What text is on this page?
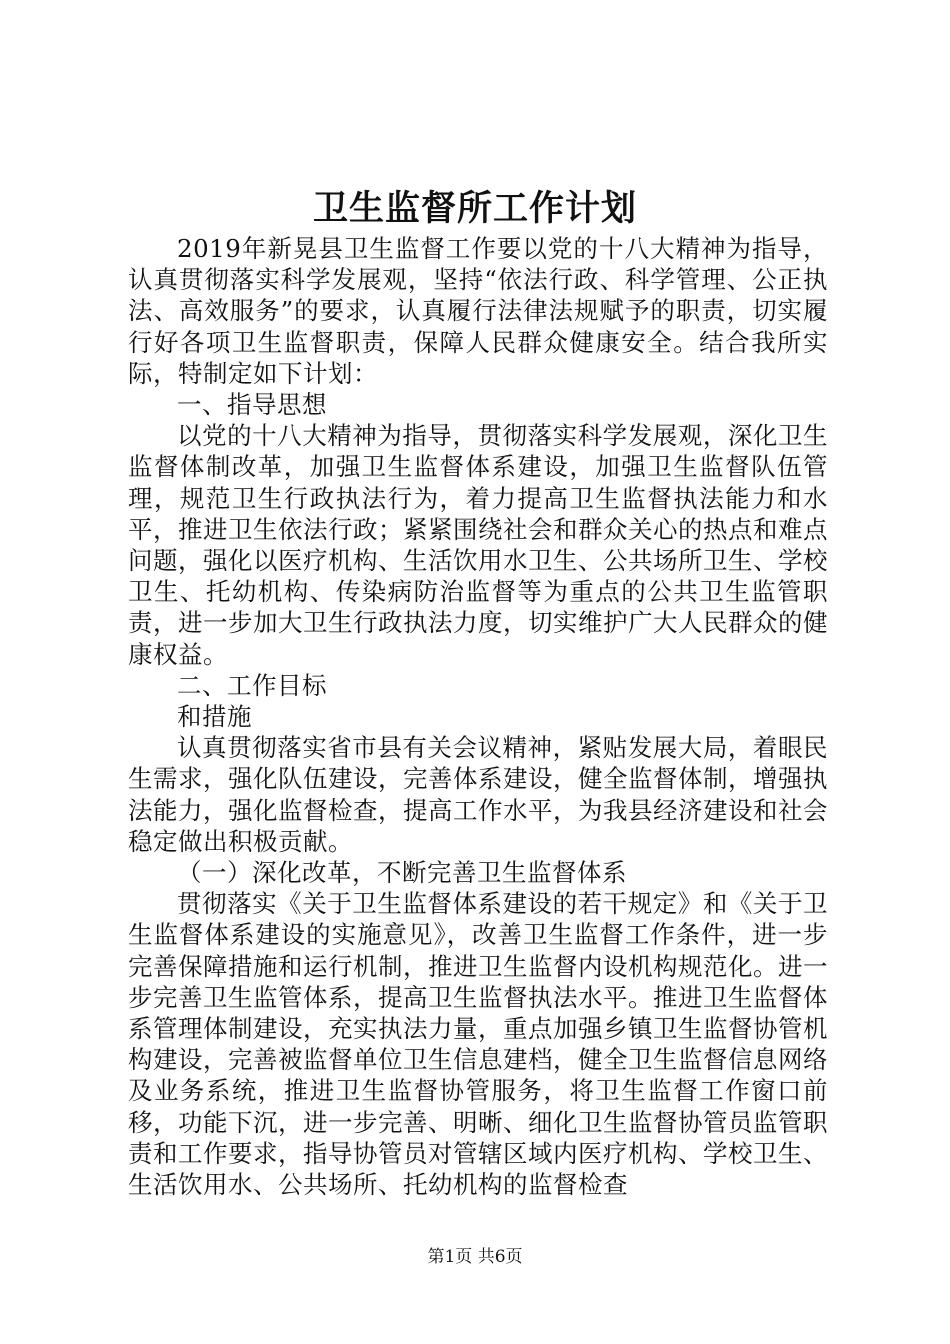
卫生监督所工作计划

2019年新晃县卫生监督工作要以党的十八大精神为指导，认真贯彻落实科学发展观，坚持“依法行政、科学管理、公正执法、高效服务”的要求，认真履行法律法规赋予的职责，切实履行好各项卫生监督职责，保障人民群众健康安全。结合我所实际，特制定如下计划：

一、指导思想

以党的十八大精神为指导，贯彻落实科学发展观，深化卫生监督体制改革，加强卫生监督体系建设，加强卫生监督队伍管理，规范卫生行政执法行为，着力提高卫生监督执法能力和水平，推进卫生依法行政；紧紧围绕社会和群众关心的热点和难点问题，强化以医疗机构、生活饮用水卫生、公共场所卫生、学校卫生、托幼机构、传染病防治监督等为重点的公共卫生监管职责，进一步加大卫生行政执法力度，切实维护广大人民群众的健康权益。

二、工作目标

和措施

认真贯彻落实省市县有关会议精神，紧贴发展大局，着眼民生需求，强化队伍建设，完善体系建设，健全监督体制，增强执法能力，强化监督检查，提高工作水平，为我县经济建设和社会稳定做出积极贡献。

（一）深化改革，不断完善卫生监督体系

贯彻落实《关于卫生监督体系建设的若干规定》和《关于卫生监督体系建设的实施意见》，改善卫生监督工作条件，进一步完善保障措施和运行机制，推进卫生监督内设机构规范化。进一步完善卫生监管体系，提高卫生监督执法水平。推进卫生监督体系管理体制建设，充实执法力量，重点加强乡镇卫生监督协管机构建设，完善被监督单位卫生信息建档，健全卫生监督信息网络及业务系统，推进卫生监督协管服务，将卫生监督工作窗口前移，功能下沉，进一步完善、明晰、细化卫生监督协管员监管职责和工作要求，指导协管员对管辖区域内医疗机构、学校卫生、生活饮用水、公共场所、托幼机构的监督检查

第1页 共6页
